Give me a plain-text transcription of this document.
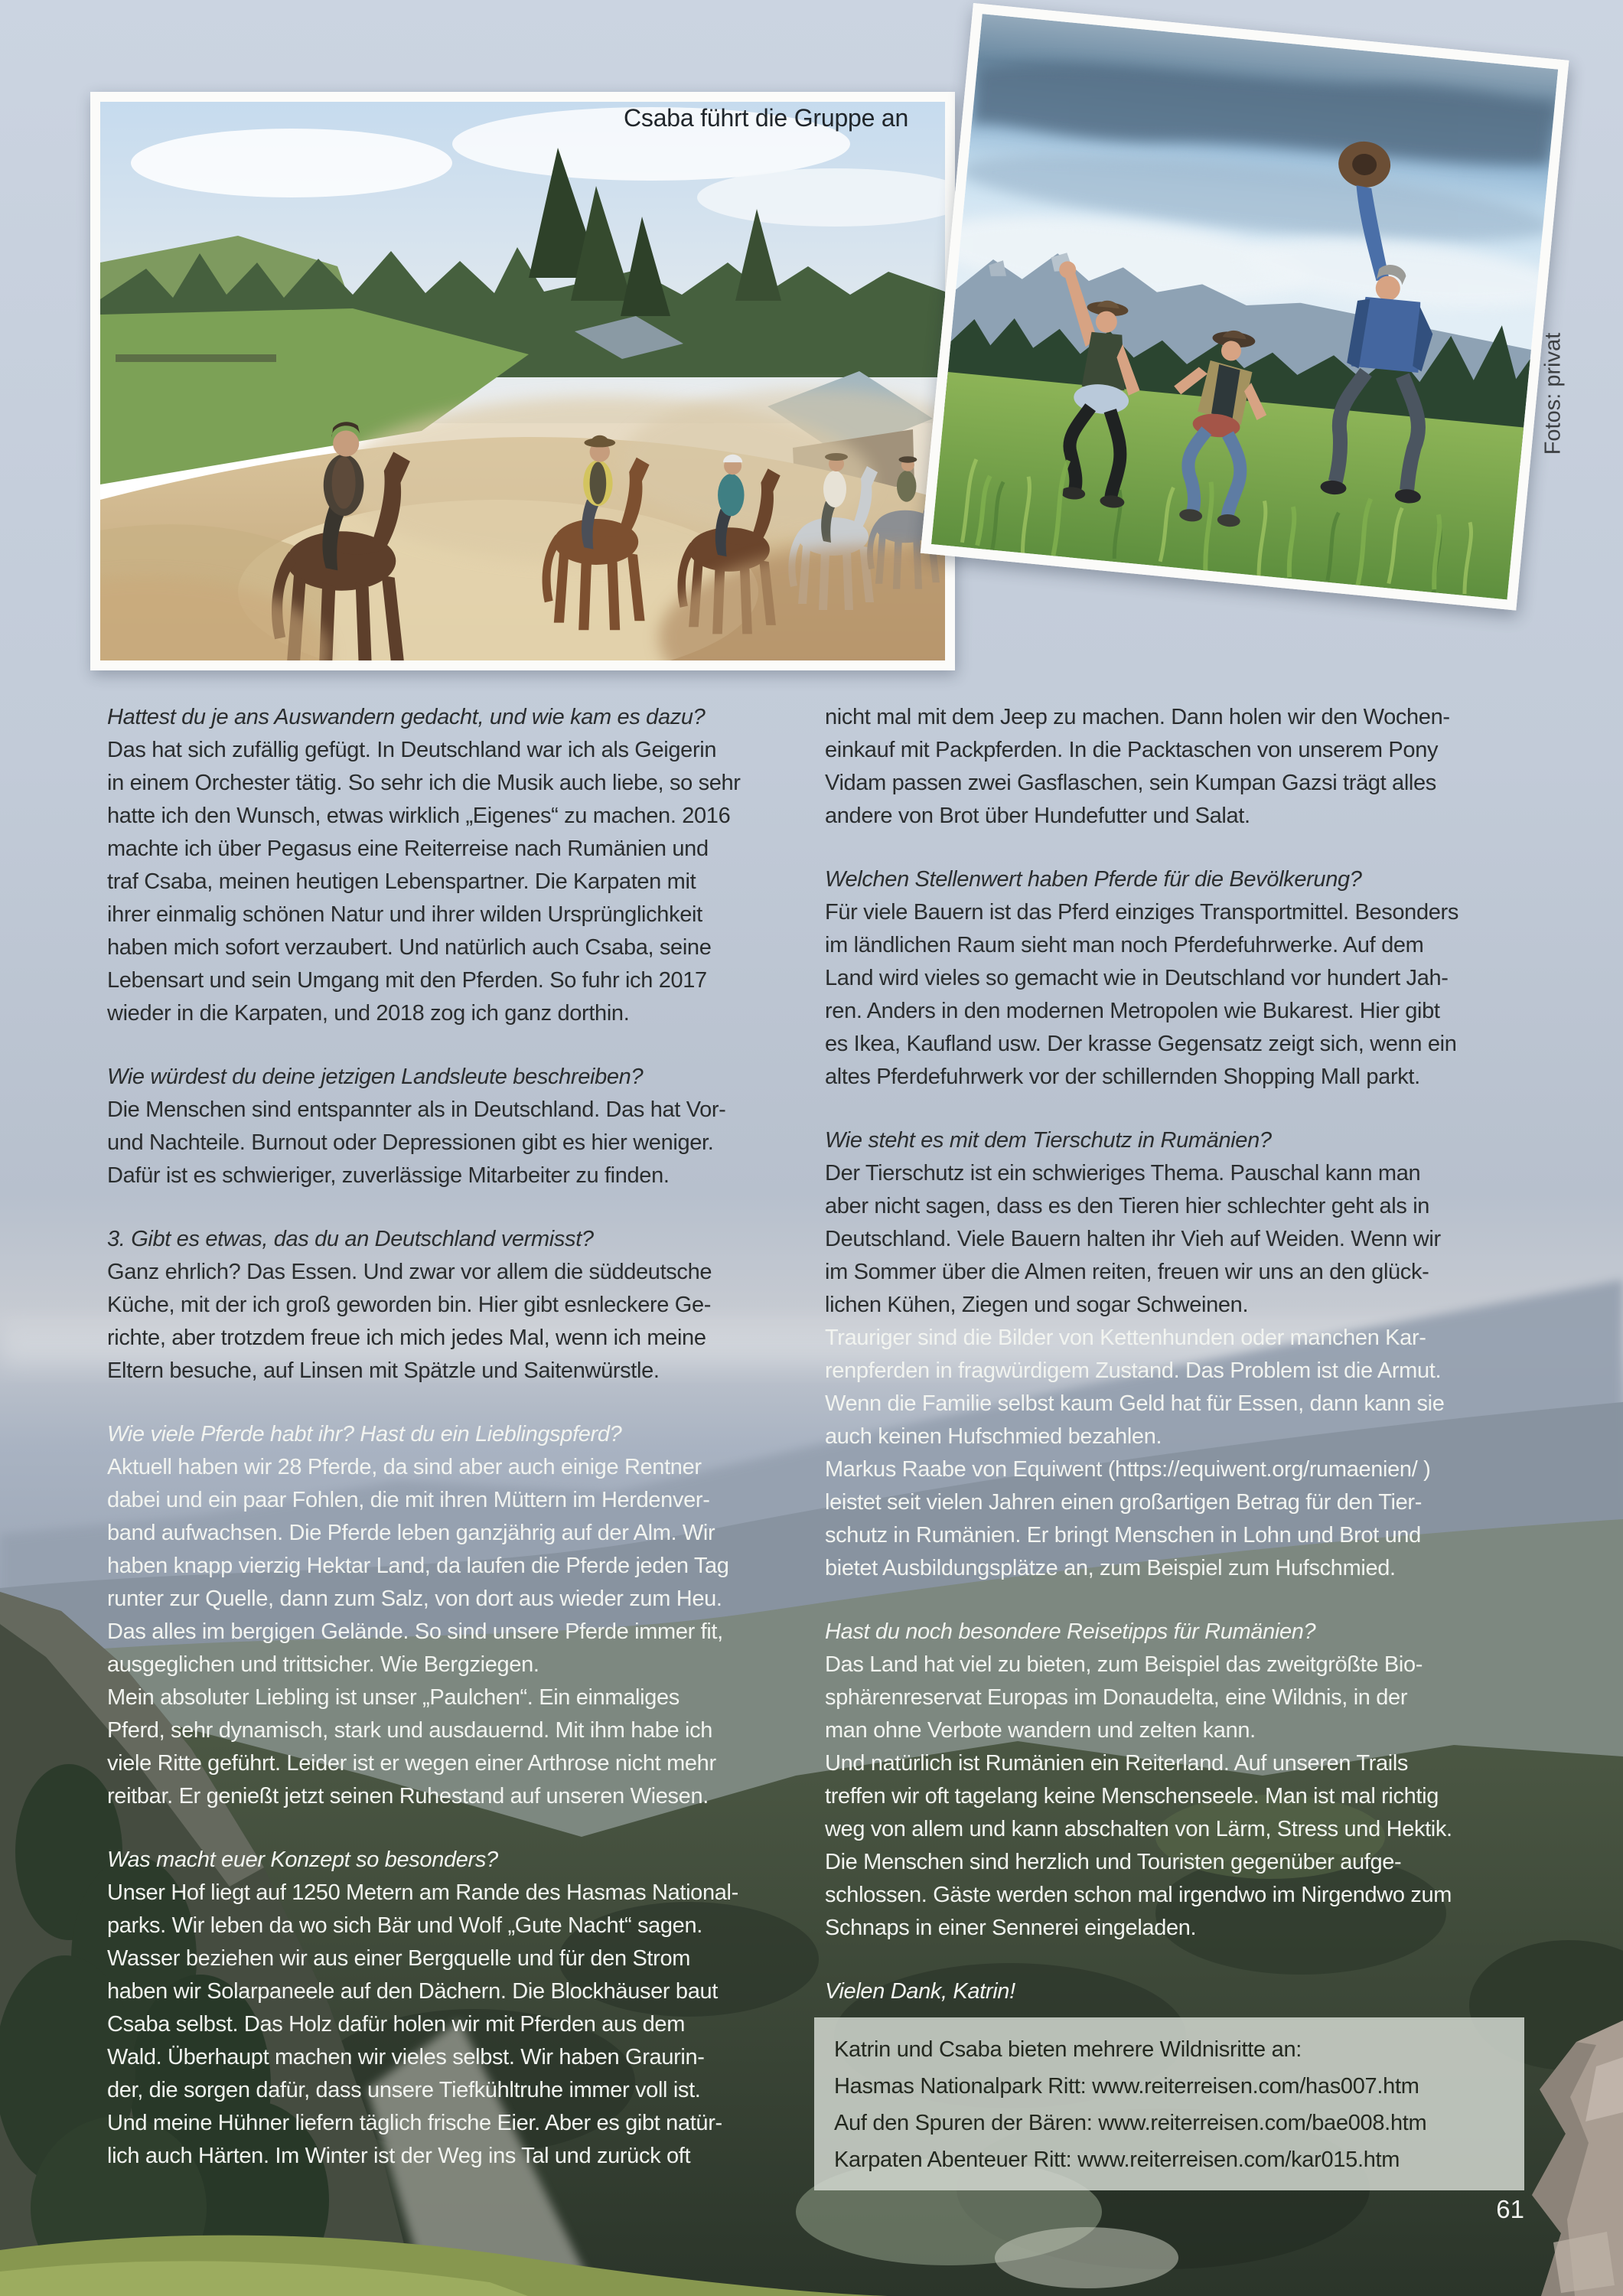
Csaba führt die Gruppe an
Fotos: privat

Hattest du je ans Auswandern gedacht, und wie kam es dazu?

Das hat sich zufällig gefügt. In Deutschland war ich als Geigerin
in einem Orchester tätig. So sehr ich die Musik auch liebe, so sehr
hatte ich den Wunsch, etwas wirklich „Eigenes“ zu machen. 2016
machte ich über Pegasus eine Reiterreise nach Rumänien und
traf Csaba, meinen heutigen Lebenspartner. Die Karpaten mit
ihrer einmalig schönen Natur und ihrer wilden Ursprünglichkeit
haben mich sofort verzaubert. Und natürlich auch Csaba, seine
Lebensart und sein Umgang mit den Pferden. So fuhr ich 2017
wieder in die Karpaten, und 2018 zog ich ganz dorthin.

Wie würdest du deine jetzigen Landsleute beschreiben?

Die Menschen sind entspannter als in Deutschland. Das hat Vor-
und Nachteile. Burnout oder Depressionen gibt es hier weniger.
Dafür ist es schwieriger, zuverlässige Mitarbeiter zu finden.

3. Gibt es etwas, das du an Deutschland vermisst?

Ganz ehrlich? Das Essen. Und zwar vor allem die süddeutsche
Küche, mit der ich groß geworden bin. Hier gibt esnleckere Ge-
richte, aber trotzdem freue ich mich jedes Mal, wenn ich meine
Eltern besuche, auf Linsen mit Spätzle und Saitenwürstle.

Wie viele Pferde habt ihr? Hast du ein Lieblingspferd?

Aktuell haben wir 28 Pferde, da sind aber auch einige Rentner
dabei und ein paar Fohlen, die mit ihren Müttern im Herdenver-
band aufwachsen. Die Pferde leben ganzjährig auf der Alm. Wir
haben knapp vierzig Hektar Land, da laufen die Pferde jeden Tag
runter zur Quelle, dann zum Salz, von dort aus wieder zum Heu.
Das alles im bergigen Gelände. So sind unsere Pferde immer fit,
ausgeglichen und trittsicher. Wie Bergziegen.
Mein absoluter Liebling ist unser „Paulchen“. Ein einmaliges
Pferd, sehr dynamisch, stark und ausdauernd. Mit ihm habe ich
viele Ritte geführt. Leider ist er wegen einer Arthrose nicht mehr
reitbar. Er genießt jetzt seinen Ruhestand auf unseren Wiesen.

Was macht euer Konzept so besonders?

Unser Hof liegt auf 1250 Metern am Rande des Hasmas National-
parks. Wir leben da wo sich Bär und Wolf „Gute Nacht“ sagen.
Wasser beziehen wir aus einer Bergquelle und für den Strom
haben wir Solarpaneele auf den Dächern. Die Blockhäuser baut
Csaba selbst. Das Holz dafür holen wir mit Pferden aus dem
Wald. Überhaupt machen wir vieles selbst. Wir haben Graurin-
der, die sorgen dafür, dass unsere Tiefkühltruhe immer voll ist.
Und meine Hühner liefern täglich frische Eier. Aber es gibt natür-
lich auch Härten. Im Winter ist der Weg ins Tal und zurück oft

nicht mal mit dem Jeep zu machen. Dann holen wir den Wochen-
einkauf mit Packpferden. In die Packtaschen von unserem Pony
Vidam passen zwei Gasflaschen, sein Kumpan Gazsi trägt alles
andere von Brot über Hundefutter und Salat.

Welchen Stellenwert haben Pferde für die Bevölkerung?

Für viele Bauern ist das Pferd einziges Transportmittel. Besonders
im ländlichen Raum sieht man noch Pferdefuhrwerke. Auf dem
Land wird vieles so gemacht wie in Deutschland vor hundert Jah-
ren. Anders in den modernen Metropolen wie Bukarest. Hier gibt
es Ikea, Kaufland usw. Der krasse Gegensatz zeigt sich, wenn ein
altes Pferdefuhrwerk vor der schillernden Shopping Mall parkt.

Wie steht es mit dem Tierschutz in Rumänien?

Der Tierschutz ist ein schwieriges Thema. Pauschal kann man
aber nicht sagen, dass es den Tieren hier schlechter geht als in
Deutschland. Viele Bauern halten ihr Vieh auf Weiden. Wenn wir
im Sommer über die Almen reiten, freuen wir uns an den glück-
lichen Kühen, Ziegen und sogar Schweinen.

Trauriger sind die Bilder von Kettenhunden oder manchen Kar-
renpferden in fragwürdigem Zustand. Das Problem ist die Armut.
Wenn die Familie selbst kaum Geld hat für Essen, dann kann sie
auch keinen Hufschmied bezahlen.
Markus Raabe von Equiwent (https://equiwent.org/rumaenien/ )
leistet seit vielen Jahren einen großartigen Betrag für den Tier-
schutz in Rumänien. Er bringt Menschen in Lohn und Brot und
bietet Ausbildungsplätze an, zum Beispiel zum Hufschmied.

Hast du noch besondere Reisetipps für Rumänien?

Das Land hat viel zu bieten, zum Beispiel das zweitgrößte Bio-
sphärenreservat Europas im Donaudelta, eine Wildnis, in der
man ohne Verbote wandern und zelten kann.
Und natürlich ist Rumänien ein Reiterland. Auf unseren Trails
treffen wir oft tagelang keine Menschenseele. Man ist mal richtig
weg von allem und kann abschalten von Lärm, Stress und Hektik.
Die Menschen sind herzlich und Touristen gegenüber aufge-
schlossen. Gäste werden schon mal irgendwo im Nirgendwo zum
Schnaps in einer Sennerei eingeladen.

Vielen Dank, Katrin!

Katrin und Csaba bieten mehrere Wildnisritte an:
Hasmas Nationalpark Ritt: www.reiterreisen.com/has007.htm
Auf den Spuren der Bären: www.reiterreisen.com/bae008.htm
Karpaten Abenteuer Ritt: www.reiterreisen.com/kar015.htm
61
